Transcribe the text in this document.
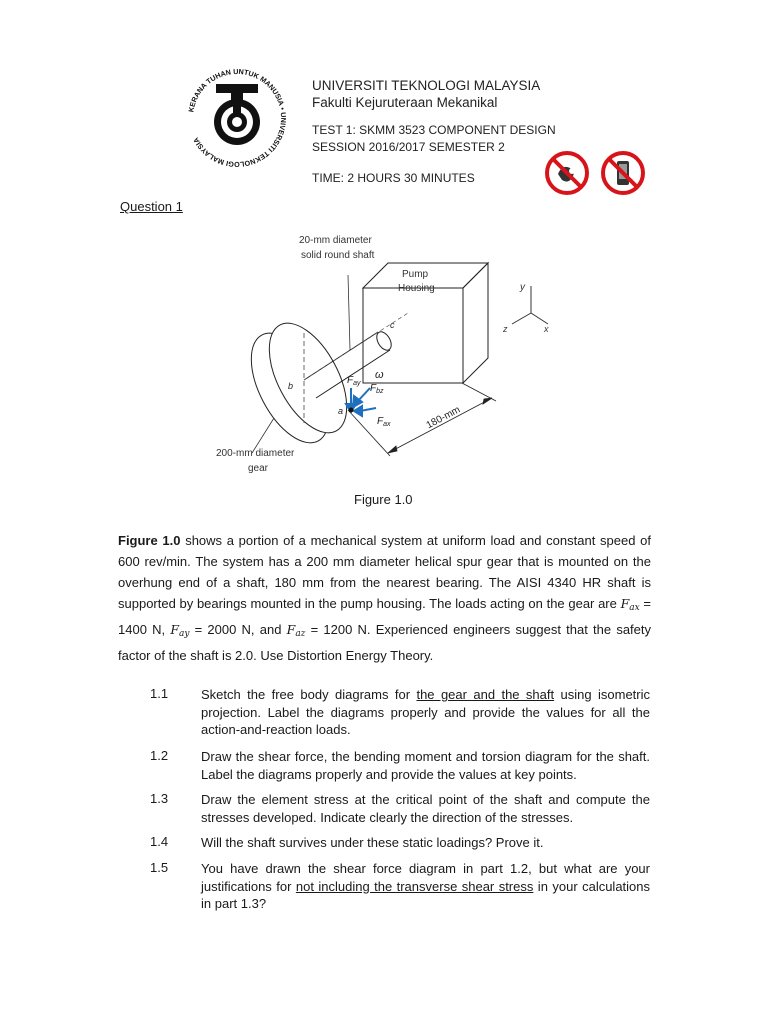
KERANA TUHAN UNTUK MANUSIA • UNIVERSITI TEKNOLOGI MALAYSIA
UNIVERSITI TEKNOLOGI MALAYSIA
Fakulti Kejuruteraan Mekanikal
TEST 1: SKMM 3523 COMPONENT DESIGN
SESSION 2016/2017 SEMESTER 2
TIME: 2 HOURS 30 MINUTES
Question 1
Pump
Housing	y
x
z
180-mm
a
b
c
ω
$F_{ay}$ $F_{bz}$
$F_{ax}$
20-mm diameter
solid round shaft
200-mm diameter
gear
Figure 1.0
Figure 1.0 shows a portion of a mechanical system at uniform load and constant speed of 600 rev/min. The system has a 200 mm diameter helical spur gear that is mounted on the overhung end of a shaft, 180 mm from the nearest bearing. The AISI 4340 HR shaft is supported by bearings mounted in the pump housing. The loads acting on the gear are $F_{ax} = 1400$ N, $F_{ay} = 2000$ N, and $F_{az} = 1200$ N. Experienced engineers suggest that the safety factor of the shaft is 2.0. Use Distortion Energy Theory.
1.1	Sketch the free body diagrams for the gear and the shaft using isometric projection. Label the diagrams properly and provide the values for all the action-and-reaction loads.
1.2	Draw the shear force, the bending moment and torsion diagram for the shaft. Label the diagrams properly and provide the values at key points.
1.3	Draw the element stress at the critical point of the shaft and compute the stresses developed. Indicate clearly the direction of the stresses.
1.4	Will the shaft survives under these static loadings? Prove it.
1.5	You have drawn the shear force diagram in part 1.2, but what are your justifications for not including the transverse shear stress in your calculations in part 1.3?
